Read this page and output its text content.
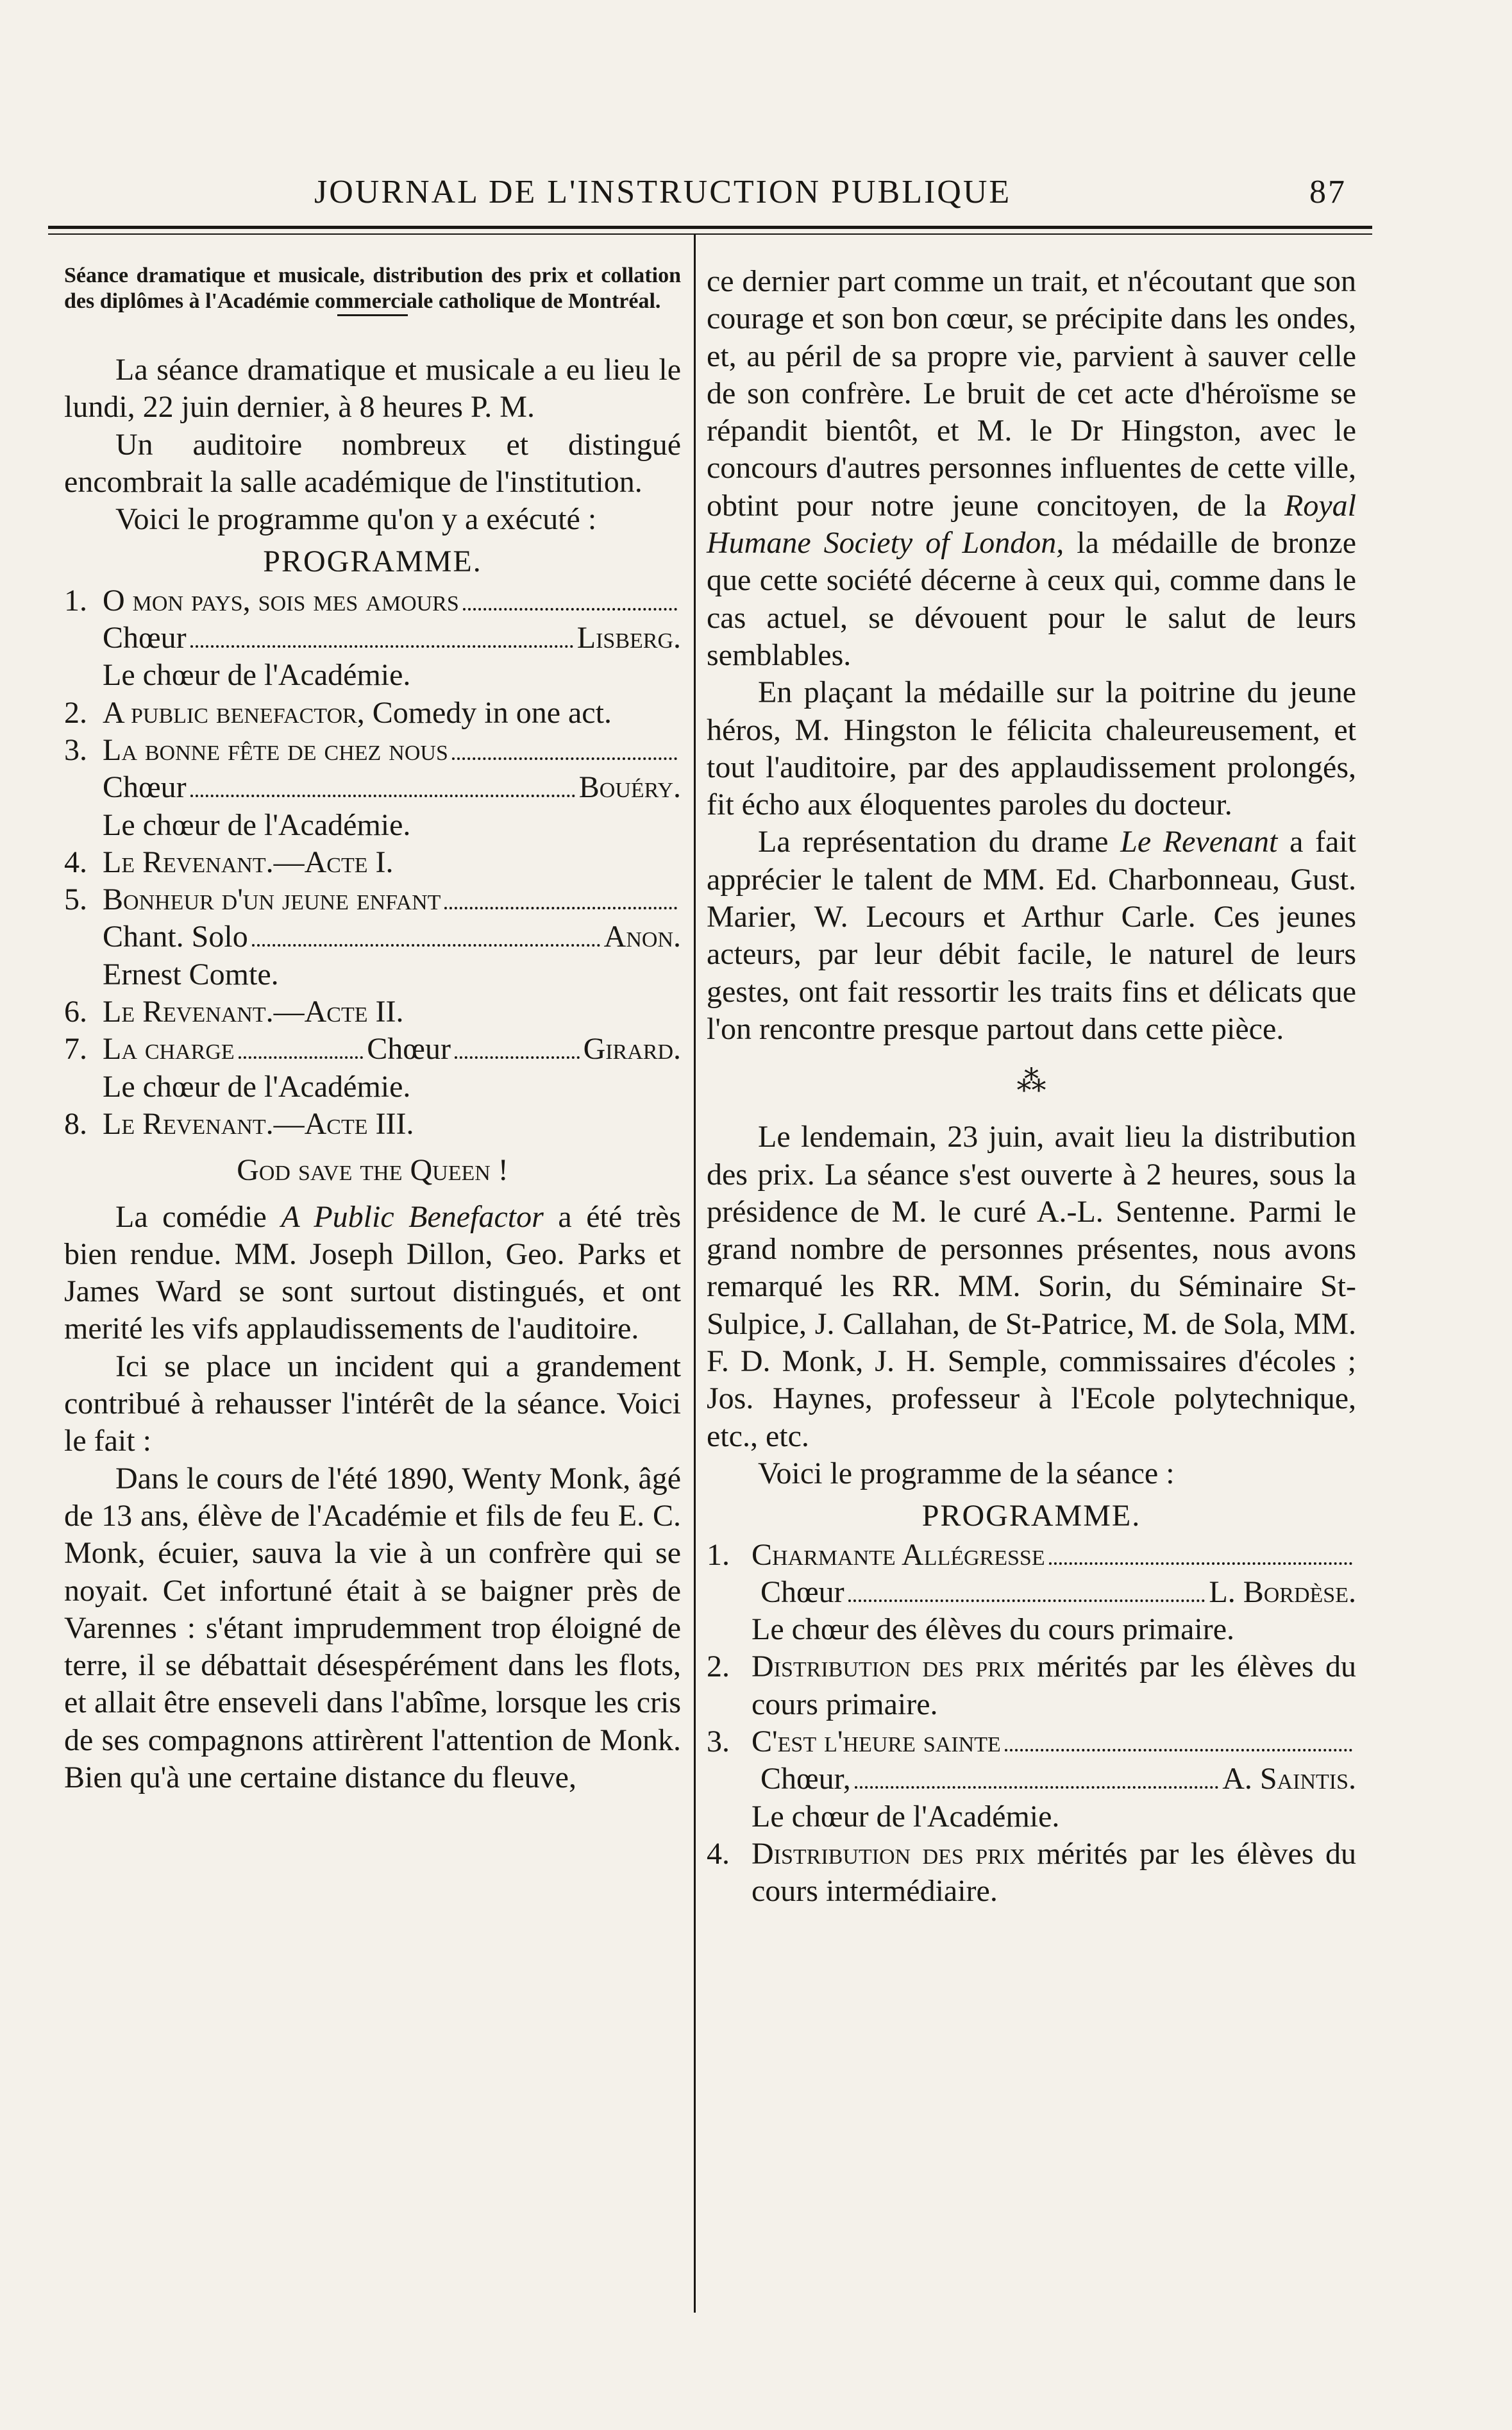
JOURNAL DE L'INSTRUCTION PUBLIQUE	87

Séance dramatique et musicale, distribution des prix et collation des diplômes à l'Académie commerciale catholique de Montréal.

La séance dramatique et musicale a eu lieu le lundi, 22 juin dernier, à 8 heures P. M.

Un auditoire nombreux et distingué encombrait la salle académique de l'institution.

Voici le programme qu'on y a exécuté :

PROGRAMME.
1. O mon pays, sois mes amours
Chœur	Lisberg.
Le chœur de l'Académie.
2. A public benefactor, Comedy in one act.

3. La bonne fête de chez nous
Chœur	Bouéry.
Le chœur de l'Académie.
4. Le Revenant.—Acte I.
5. Bonheur d'un jeune enfant
Chant. Solo	Anon.
Ernest Comte.
6. Le Revenant.—Acte II.
7. La charge	Chœur	Girard.
Le chœur de l'Académie.
8. Le Revenant.—Acte III.
God save the Queen !

La comédie A Public Benefactor a été très bien rendue. MM. Joseph Dillon, Geo. Parks et James Ward se sont surtout distingués, et ont merité les vifs applaudissements de l'auditoire.

Ici se place un incident qui a grandement contribué à rehausser l'intérêt de la séance. Voici le fait :

Dans le cours de l'été 1890, Wenty Monk, âgé de 13 ans, élève de l'Académie et fils de feu E. C. Monk, écuier, sauva la vie à un confrère qui se noyait. Cet infortuné était à se baigner près de Varennes : s'étant imprudemment trop éloigné de terre, il se débattait désespérément dans les flots, et allait être enseveli dans l'abîme, lorsque les cris de ses compagnons attirèrent l'attention de Monk. Bien qu'à une certaine distance du fleuve,

ce dernier part comme un trait, et n'écoutant que son courage et son bon cœur, se précipite dans les ondes, et, au péril de sa propre vie, parvient à sauver celle de son confrère. Le bruit de cet acte d'héroïsme se répandit bientôt, et M. le Dr Hingston, avec le concours d'autres personnes influentes de cette ville, obtint pour notre jeune concitoyen, de la Royal Humane Society of London, la médaille de bronze que cette société décerne à ceux qui, comme dans le cas actuel, se dévouent pour le salut de leurs semblables.

En plaçant la médaille sur la poitrine du jeune héros, M. Hingston le félicita chaleureusement, et tout l'auditoire, par des applaudissement prolongés, fit écho aux éloquentes paroles du docteur.

La représentation du drame Le Revenant a fait apprécier le talent de MM. Ed. Charbonneau, Gust. Marier, W. Lecours et Arthur Carle. Ces jeunes acteurs, par leur débit facile, le naturel de leurs gestes, ont fait ressortir les traits fins et délicats que l'on rencontre presque partout dans cette pièce.

⁂

Le lendemain, 23 juin, avait lieu la distribution des prix. La séance s'est ouverte à 2 heures, sous la présidence de M. le curé A.-L. Sentenne. Parmi le grand nombre de personnes présentes, nous avons remarqué les RR. MM. Sorin, du Séminaire St-Sulpice, J. Callahan, de St-Patrice, M. de Sola, MM. F. D. Monk, J. H. Semple, commissaires d'écoles ; Jos. Haynes, professeur à l'Ecole polytechnique, etc., etc.

Voici le programme de la séance :

PROGRAMME.
1. Charmante Allégresse
Chœur	L. Bordèse.
Le chœur des élèves du cours primaire.
2. Distribution des prix mérités par les élèves du cours primaire.

3. C'est l'heure sainte
Chœur,	A. Saintis.
Le chœur de l'Académie.
4. Distribution des prix mérités par les élèves du cours intermédiaire.
